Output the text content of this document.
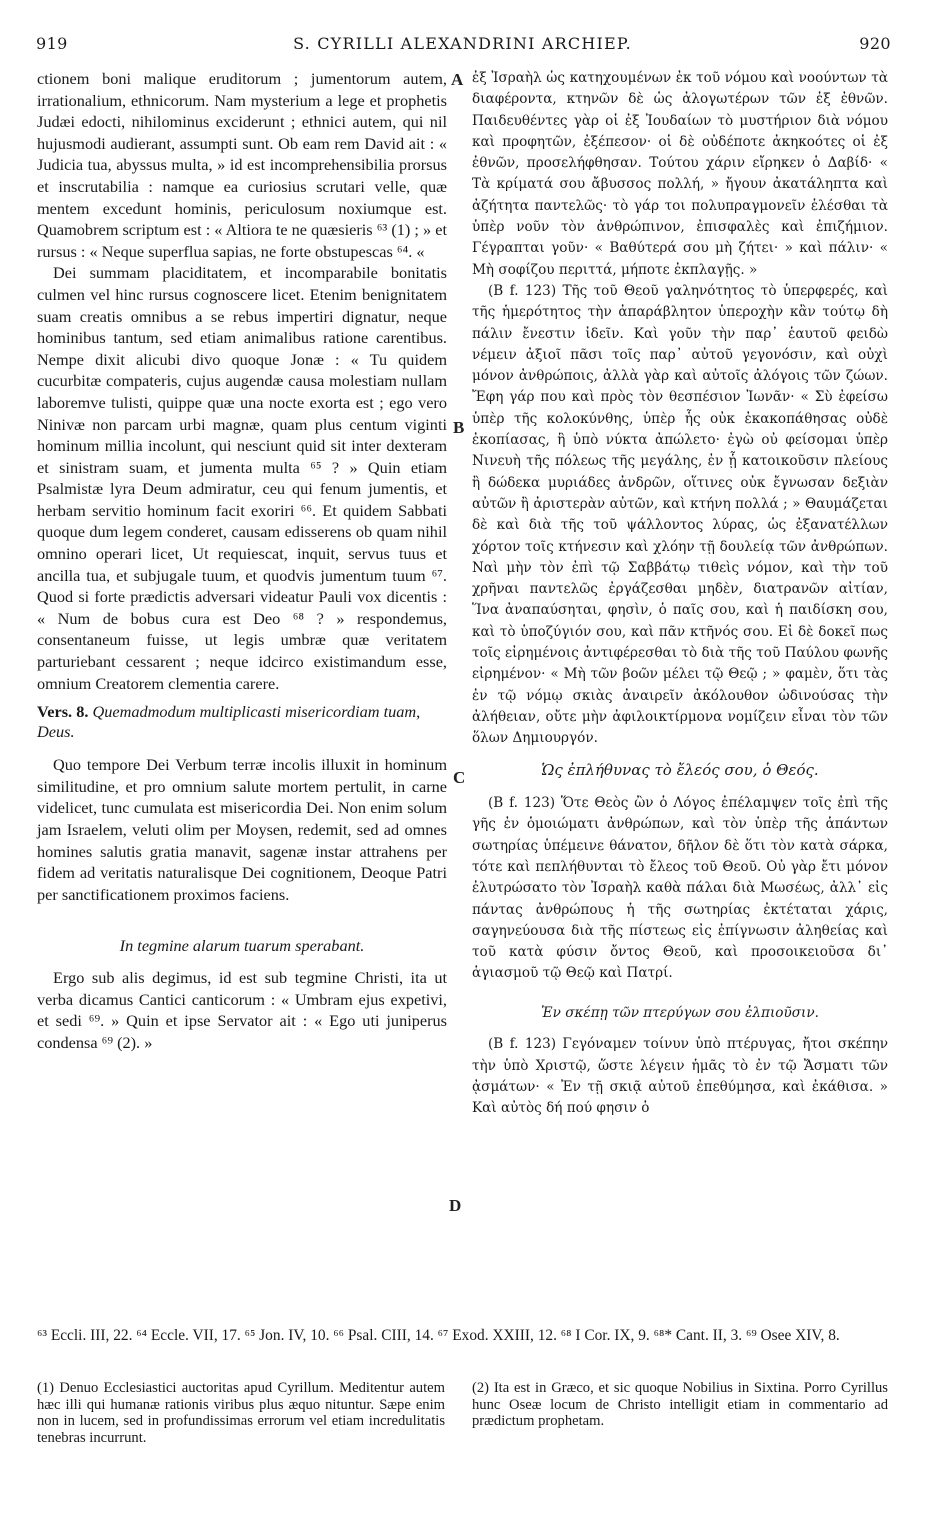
919	S. CYRILLI ALEXANDRINI ARCHIEP.	920
A
B
C
D

ctionem boni malique eruditorum ; jumentorum autem, irrationalium, ethnicorum. Nam mysterium a lege et prophetis Judæi edocti, nihilominus exciderunt ; ethnici autem, qui nil hujusmodi audierant, assumpti sunt. Ob eam rem David ait : « Judicia tua, abyssus multa, » id est incomprehensibilia prorsus et inscrutabilia : namque ea curiosius scrutari velle, quæ mentem excedunt hominis, periculosum noxiumque est. Quamobrem scriptum est : « Altiora te ne quæsieris ⁶³ (1) ; » et rursus : « Neque superflua sapias, ne forte obstupescas ⁶⁴. «

Dei summam placiditatem, et incomparabile bonitatis culmen vel hinc rursus cognoscere licet. Etenim benignitatem suam creatis omnibus a se rebus impertiri dignatur, neque hominibus tantum, sed etiam animalibus ratione carentibus. Nempe dixit alicubi divo quoque Jonæ : « Tu quidem cucurbitæ compateris, cujus augendæ causa molestiam nullam laboremve tulisti, quippe quæ una nocte exorta est ; ego vero Ninivæ non parcam urbi magnæ, quam plus centum viginti hominum millia incolunt, qui nesciunt quid sit inter dexteram et sinistram suam, et jumenta multa ⁶⁵ ? » Quin etiam Psalmistæ lyra Deum admiratur, ceu qui fenum jumentis, et herbam servitio hominum facit exoriri ⁶⁶. Et quidem Sabbati quoque dum legem conderet, causam edisserens ob quam nihil omnino operari licet, Ut requiescat, inquit, servus tuus et ancilla tua, et subjugale tuum, et quodvis jumentum tuum ⁶⁷. Quod si forte prædictis adversari videatur Pauli vox dicentis : « Num de bobus cura est Deo ⁶⁸ ? » respondemus, consentaneum fuisse, ut legis umbræ quæ veritatem parturiebant cessarent ; neque idcirco existimandum esse, omnium Creatorem clementia carere.

Vers. 8. Quemadmodum multiplicasti misericordiam tuam, Deus.

Quo tempore Dei Verbum terræ incolis illuxit in hominum similitudine, et pro omnium salute mortem pertulit, in carne videlicet, tunc cumulata est misericordia Dei. Non enim solum jam Israelem, veluti olim per Moysen, redemit, sed ad omnes homines salutis gratia manavit, sagenæ instar attrahens per fidem ad veritatis naturalisque Dei cognitionem, Deoque Patri per sanctificationem proximos faciens.

In tegmine alarum tuarum sperabant.

Ergo sub alis degimus, id est sub tegmine Christi, ita ut verba dicamus Cantici canticorum : « Umbram ejus expetivi, et sedi ⁶⁹. » Quin et ipse Servator ait : « Ego uti juniperus condensa ⁶⁹ (2). »

ἐξ Ἰσραὴλ ὡς κατηχουμένων ἐκ τοῦ νόμου καὶ νοούντων τὰ διαφέροντα, κτηνῶν δὲ ὡς ἀλογωτέρων τῶν ἐξ ἐθνῶν. Παιδευθέντες γὰρ οἱ ἐξ Ἰουδαίων τὸ μυστήριον διὰ νόμου καὶ προφητῶν, ἐξέπεσον· οἱ δὲ οὐδέποτε ἀκηκοότες οἱ ἐξ ἐθνῶν, προσελήφθησαν. Τούτου χάριν εἴρηκεν ὁ Δαβίδ· « Τὰ κρίματά σου ἄβυσσος πολλή, » ἤγουν ἀκατάληπτα καὶ ἀζήτητα παντελῶς· τὸ γάρ τοι πολυπραγμονεῖν ἑλέσθαι τὰ ὑπὲρ νοῦν τὸν ἀνθρώπινον, ἐπισφαλὲς καὶ ἐπιζήμιον. Γέγραπται γοῦν· « Βαθύτερά σου μὴ ζήτει· » καὶ πάλιν· « Μὴ σοφίζου περιττά, μήποτε ἐκπλαγῇς. »

(B f. 123) Τῆς τοῦ Θεοῦ γαληνότητος τὸ ὑπερφερές, καὶ τῆς ἡμερότητος τὴν ἀπαράβλητον ὑπεροχὴν κἂν τούτῳ δὴ πάλιν ἔνεστιν ἰδεῖν. Καὶ γοῦν τὴν παρ᾽ ἑαυτοῦ φειδὼ νέμειν ἀξιοῖ πᾶσι τοῖς παρ᾽ αὐτοῦ γεγονόσιν, καὶ οὐχὶ μόνον ἀνθρώποις, ἀλλὰ γὰρ καὶ αὐτοῖς ἀλόγοις τῶν ζώων. Ἔφη γάρ που καὶ πρὸς τὸν θεσπέσιον Ἰωνᾶν· « Σὺ ἐφείσω ὑπὲρ τῆς κολοκύνθης, ὑπὲρ ἧς οὐκ ἐκακοπάθησας οὐδὲ ἐκοπίασας, ἣ ὑπὸ νύκτα ἀπώλετο· ἐγὼ οὐ φείσομαι ὑπὲρ Νινευὴ τῆς πόλεως τῆς μεγάλης, ἐν ᾗ κατοικοῦσιν πλείους ἢ δώδεκα μυριάδες ἀνδρῶν, οἵτινες οὐκ ἔγνωσαν δεξιὰν αὐτῶν ἢ ἀριστερὰν αὐτῶν, καὶ κτήνη πολλά ; » Θαυμάζεται δὲ καὶ διὰ τῆς τοῦ ψάλλοντος λύρας, ὡς ἐξανατέλλων χόρτον τοῖς κτήνεσιν καὶ χλόην τῇ δουλείᾳ τῶν ἀνθρώπων. Ναὶ μὴν τὸν ἐπὶ τῷ Σαββάτῳ τιθεὶς νόμον, καὶ τὴν τοῦ χρῆναι παντελῶς ἐργάζεσθαι μηδὲν, διατρανῶν αἰτίαν, Ἵνα ἀναπαύσηται, φησὶν, ὁ παῖς σου, καὶ ἡ παιδίσκη σου, καὶ τὸ ὑποζύγιόν σου, καὶ πᾶν κτῆνός σου. Εἰ δὲ δοκεῖ πως τοῖς εἰρημένοις ἀντιφέρεσθαι τὸ διὰ τῆς τοῦ Παύλου φωνῆς εἰρημένον· « Μὴ τῶν βοῶν μέλει τῷ Θεῷ ; » φαμὲν, ὅτι τὰς ἐν τῷ νόμῳ σκιὰς ἀναιρεῖν ἀκόλουθον ὠδινούσας τὴν ἀλήθειαν, οὔτε μὴν ἀφιλοικτίρμονα νομίζειν εἶναι τὸν τῶν ὅλων Δημιουργόν.

Ὡς ἐπλήθυνας τὸ ἔλεός σου, ὁ Θεός.

(B f. 123) Ὅτε Θεὸς ὢν ὁ Λόγος ἐπέλαμψεν τοῖς ἐπὶ τῆς γῆς ἐν ὁμοιώματι ἀνθρώπων, καὶ τὸν ὑπὲρ τῆς ἁπάντων σωτηρίας ὑπέμεινε θάνατον, δῆλον δὲ ὅτι τὸν κατὰ σάρκα, τότε καὶ πεπλήθυνται τὸ ἔλεος τοῦ Θεοῦ. Οὐ γὰρ ἔτι μόνον ἐλυτρώσατο τὸν Ἰσραὴλ καθὰ πάλαι διὰ Μωσέως, ἀλλ᾽ εἰς πάντας ἀνθρώπους ἡ τῆς σωτηρίας ἐκτέταται χάρις, σαγηνεύουσα διὰ τῆς πίστεως εἰς ἐπίγνωσιν ἀληθείας καὶ τοῦ κατὰ φύσιν ὄντος Θεοῦ, καὶ προσοικειοῦσα δι᾽ ἁγιασμοῦ τῷ Θεῷ καὶ Πατρί.

Ἐν σκέπῃ τῶν πτερύγων σου ἐλπιοῦσιν.

(B f. 123) Γεγόναμεν τοίνυν ὑπὸ πτέρυγας, ἤτοι σκέπην τὴν ὑπὸ Χριστῷ, ὥστε λέγειν ἡμᾶς τὸ ἐν τῷ Ἄσματι τῶν ᾀσμάτων· « Ἐν τῇ σκιᾷ αὐτοῦ ἐπεθύμησα, καὶ ἐκάθισα. » Καὶ αὐτὸς δή πού φησιν ὁ

⁶³ Eccli. III, 22. ⁶⁴ Eccle. VII, 17. ⁶⁵ Jon. IV, 10. ⁶⁶ Psal. CIII, 14. ⁶⁷ Exod. XXIII, 12. ⁶⁸ I Cor. IX, 9. ⁶⁸* Cant. II, 3. ⁶⁹ Osee XIV, 8.
(1) Denuo Ecclesiastici auctoritas apud Cyrillum. Meditentur autem hæc illi qui humanæ rationis viribus plus æquo nituntur. Sæpe enim non in lucem, sed in profundissimas errorum vel etiam incredulitatis tenebras incurrunt.
(2) Ita est in Græco, et sic quoque Nobilius in Sixtina. Porro Cyrillus hunc Oseæ locum de Christo intelligit etiam in commentario ad prædictum prophetam.
